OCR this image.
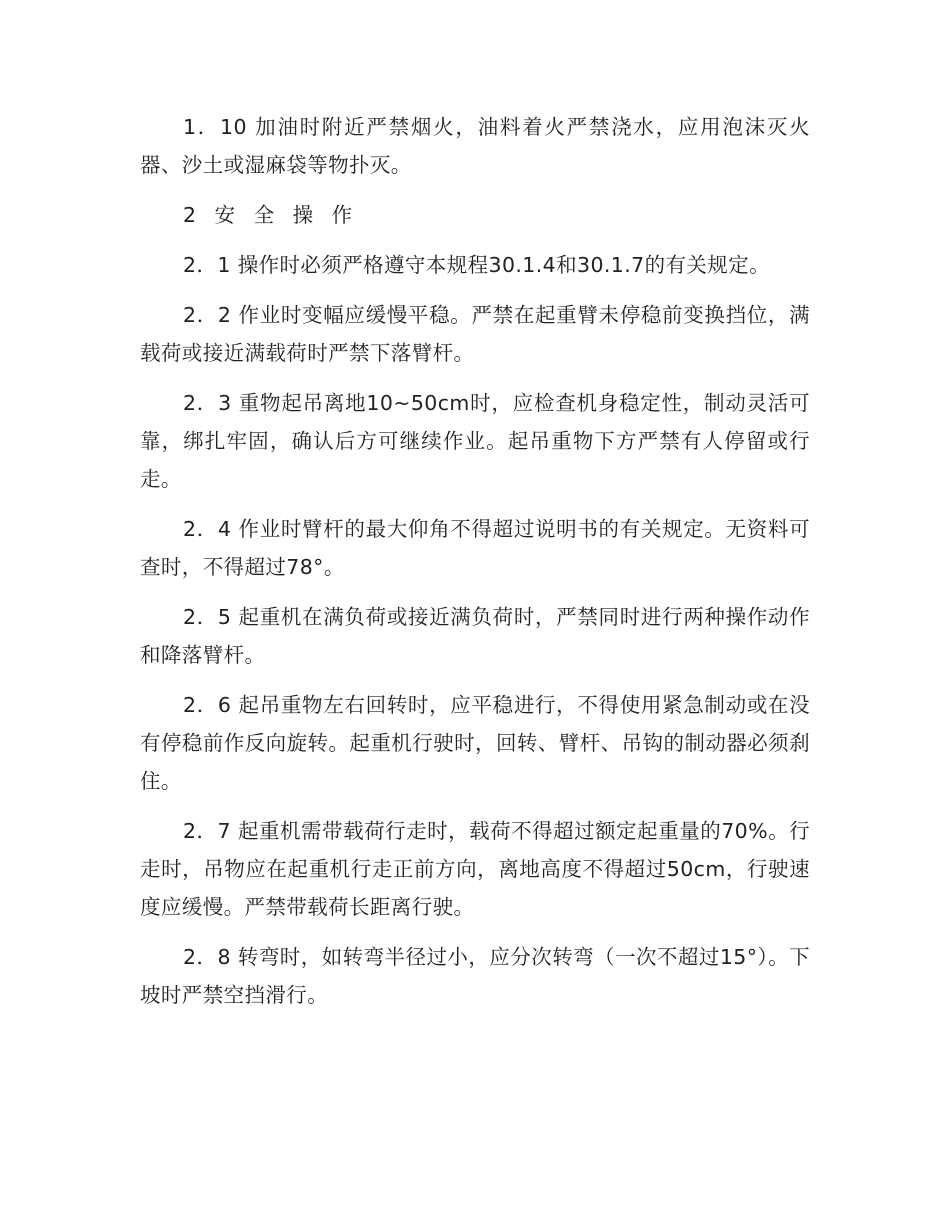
1．10 加油时附近严禁烟火，油料着火严禁浇水，应用泡沫灭火器、沙土或湿麻袋等物扑灭。

2 安 全 操 作

2．1 操作时必须严格遵守本规程30.1.4和30.1.7的有关规定。

2．2 作业时变幅应缓慢平稳。严禁在起重臂未停稳前变换挡位，满载荷或接近满载荷时严禁下落臂杆。

2．3 重物起吊离地10~50cm时，应检查机身稳定性，制动灵活可靠，绑扎牢固，确认后方可继续作业。起吊重物下方严禁有人停留或行走。

2．4 作业时臂杆的最大仰角不得超过说明书的有关规定。无资料可查时，不得超过78°。

2．5 起重机在满负荷或接近满负荷时，严禁同时进行两种操作动作和降落臂杆。

2．6 起吊重物左右回转时，应平稳进行，不得使用紧急制动或在没有停稳前作反向旋转。起重机行驶时，回转、臂杆、吊钩的制动器必须刹住。

2．7 起重机需带载荷行走时，载荷不得超过额定起重量的70%。行走时，吊物应在起重机行走正前方向，离地高度不得超过50cm，行驶速度应缓慢。严禁带载荷长距离行驶。

2．8 转弯时，如转弯半径过小，应分次转弯（一次不超过15°）。下坡时严禁空挡滑行。
